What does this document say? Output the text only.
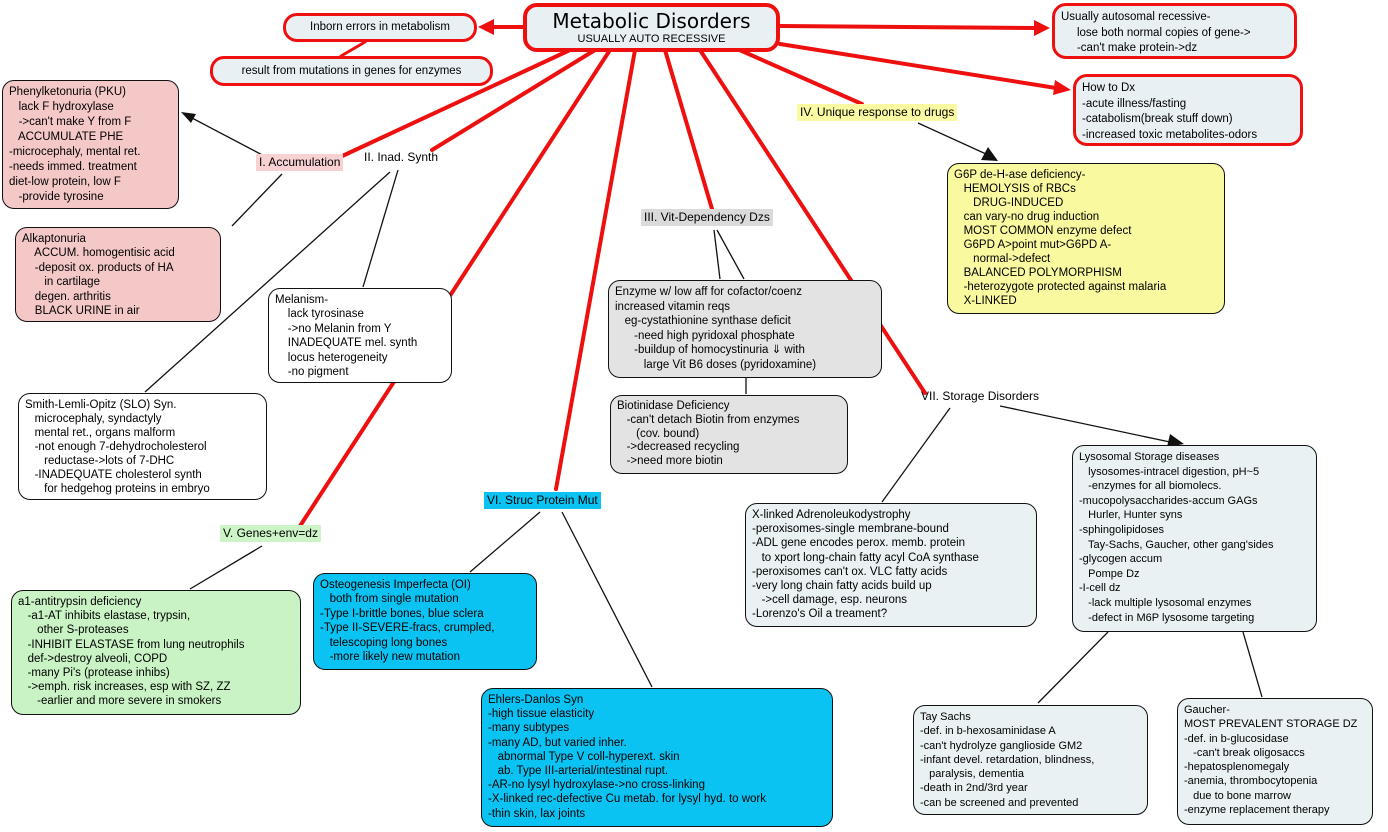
Metabolic Disorders
USUALLY AUTO RECESSIVE
Inborn errors in metabolism
result from mutations in genes for enzymes
Usually autosomal recessive-
lose both normal copies of gene->
-can't make protein->dz
How to Dx
-acute illness/fasting
-catabolism(break stuff down)
-increased toxic metabolites-odors
Phenylketonuria (PKU)
lack F hydroxylase
->can't make Y from F
ACCUMULATE PHE
-microcephaly, mental ret.
-needs immed. treatment
diet-low protein, low F
-provide tyrosine
Alkaptonuria
ACCUM. homogentisic acid
-deposit ox. products of HA
in cartilage
degen. arthritis
BLACK URINE in air
Melanism-
lack tyrosinase
->no Melanin from Y
INADEQUATE mel. synth
locus heterogeneity
-no pigment
Smith-Lemli-Opitz (SLO) Syn.
microcephaly, syndactyly
mental ret., organs malform
-not enough 7-dehydrocholesterol
reductase->lots of 7-DHC
-INADEQUATE cholesterol synth
for hedgehog proteins in embryo
a1-antitrypsin deficiency
-a1-AT inhibits elastase, trypsin,
other S-proteases
-INHIBIT ELASTASE from lung neutrophils
def->destroy alveoli, COPD
-many Pi's (protease inhibs)
->emph. risk increases, esp with SZ, ZZ
-earlier and more severe in smokers
Osteogenesis Imperfecta (OI)
both from single mutation
-Type I-brittle bones, blue sclera
-Type II-SEVERE-fracs, crumpled,
telescoping long bones
-more likely new mutation
Ehlers-Danlos Syn
-high tissue elasticity
-many subtypes
-many AD, but varied inher.
abnormal Type V coll-hyperext. skin
ab. Type III-arterial/intestinal rupt.
-AR-no lysyl hydroxylase->no cross-linking
-X-linked rec-defective Cu metab. for lysyl hyd. to work
-thin skin, lax joints
Enzyme w/ low aff for cofactor/coenz
increased vitamin reqs
eg-cystathionine synthase deficit
-need high pyridoxal phosphate
-buildup of homocystinuria ⇓ with
large Vit B6 doses (pyridoxamine)
Biotinidase Deficiency
-can't detach Biotin from enzymes
(cov. bound)
->decreased recycling
->need more biotin
G6P de-H-ase deficiency-
HEMOLYSIS of RBCs
DRUG-INDUCED
can vary-no drug induction
MOST COMMON enzyme defect
G6PD A>point mut>G6PD A-
normal->defect
BALANCED POLYMORPHISM
-heterozygote protected against malaria
X-LINKED
X-linked Adrenoleukodystrophy
-peroxisomes-single membrane-bound
-ADL gene encodes perox. memb. protein
to xport long-chain fatty acyl CoA synthase
-peroxisomes can't ox. VLC fatty acids
-very long chain fatty acids build up
->cell damage, esp. neurons
-Lorenzo's Oil a treament?
Lysosomal Storage diseases
lysosomes-intracel digestion, pH~5
-enzymes for all biomolecs.
-mucopolysaccharides-accum GAGs
Hurler, Hunter syns
-sphingolipidoses
Tay-Sachs, Gaucher, other gang'sides
-glycogen accum
Pompe Dz
-I-cell dz
-lack multiple lysosomal enzymes
-defect in M6P lysosome targeting
Tay Sachs
-def. in b-hexosaminidase A
-can't hydrolyze ganglioside GM2
-infant devel. retardation, blindness,
paralysis, dementia
-death in 2nd/3rd year
-can be screened and prevented
Gaucher-
MOST PREVALENT STORAGE DZ
-def. in b-glucosidase
-can't break oligosaccs
-hepatosplenomegaly
-anemia, thrombocytopenia
due to bone marrow
-enzyme replacement therapy
I. Accumulation II. Inad. Synth
III. Vit-Dependency Dzs
IV. Unique response to drugs
V. Genes+env=dz
VI. Struc Protein Mut
VII. Storage Disorders
